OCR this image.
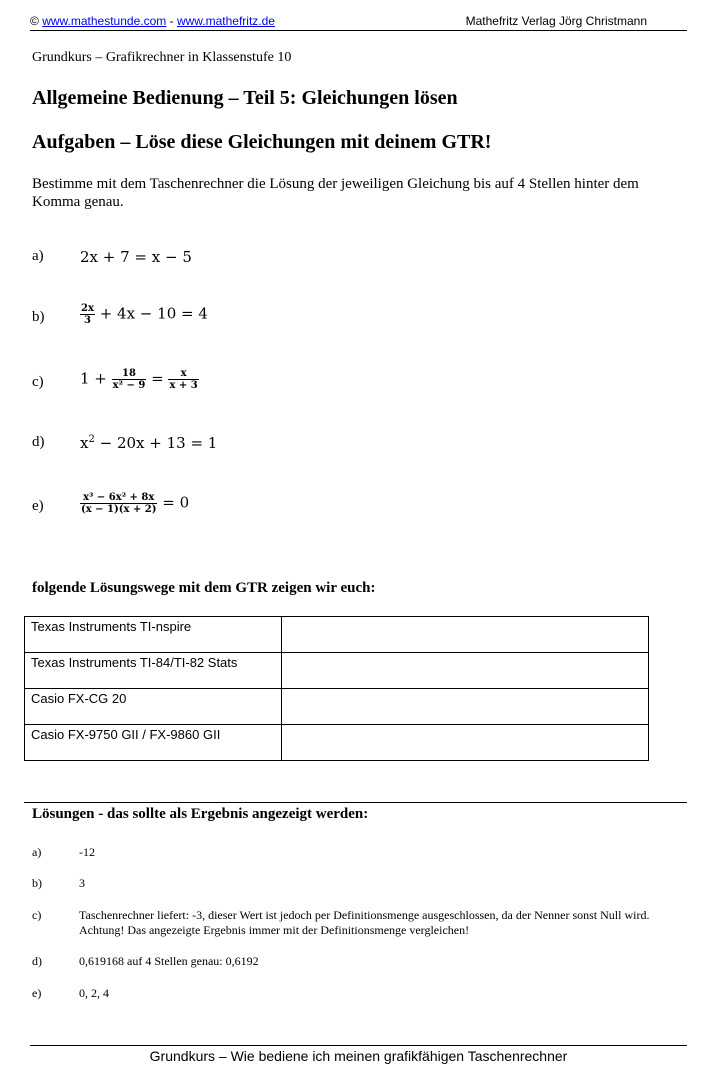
© www.mathestunde.com - www.mathefritz.de	Mathefritz Verlag Jörg Christmann
Grundkurs – Grafikrechner in Klassenstufe 10
Allgemeine Bedienung – Teil 5: Gleichungen lösen
Aufgaben – Löse diese Gleichungen mit deinem GTR!
Bestimme mit dem Taschenrechner die Lösung der jeweiligen Gleichung bis auf 4 Stellen hinter dem Komma genau.
a) 2x + 7 = x − 5
b)	$\frac{2x}{3} + 4x - 10 = 4$
c) $1 + \frac{18}{\text{x² − 9}} = \frac{x}{x + 3}$
d) $x^2 - 20x + 13 = 1$
e)	$\frac{\text{x³ − 6x² + 8x}}{(x - 1)(x + 2)} = 0$
folgende Lösungswege mit dem GTR zeigen wir euch:
Texas Instruments TI-nspire	
Texas Instruments TI-84/TI-82 Stats	
Casio FX-CG 20	
Casio FX-9750 GII / FX-9860 GII	
Lösungen - das sollte als Ergebnis angezeigt werden:
a)	-12
b)	3
c)	Taschenrechner liefert: -3, dieser Wert ist jedoch per Definitionsmenge ausgeschlossen, da der Nenner sonst Null wird. Achtung! Das angezeigte Ergebnis immer mit der Definitionsmenge vergleichen!
d)	0,619168 auf 4 Stellen genau: 0,6192
e)	0, 2, 4
Grundkurs – Wie bediene ich meinen grafikfähigen Taschenrechner
